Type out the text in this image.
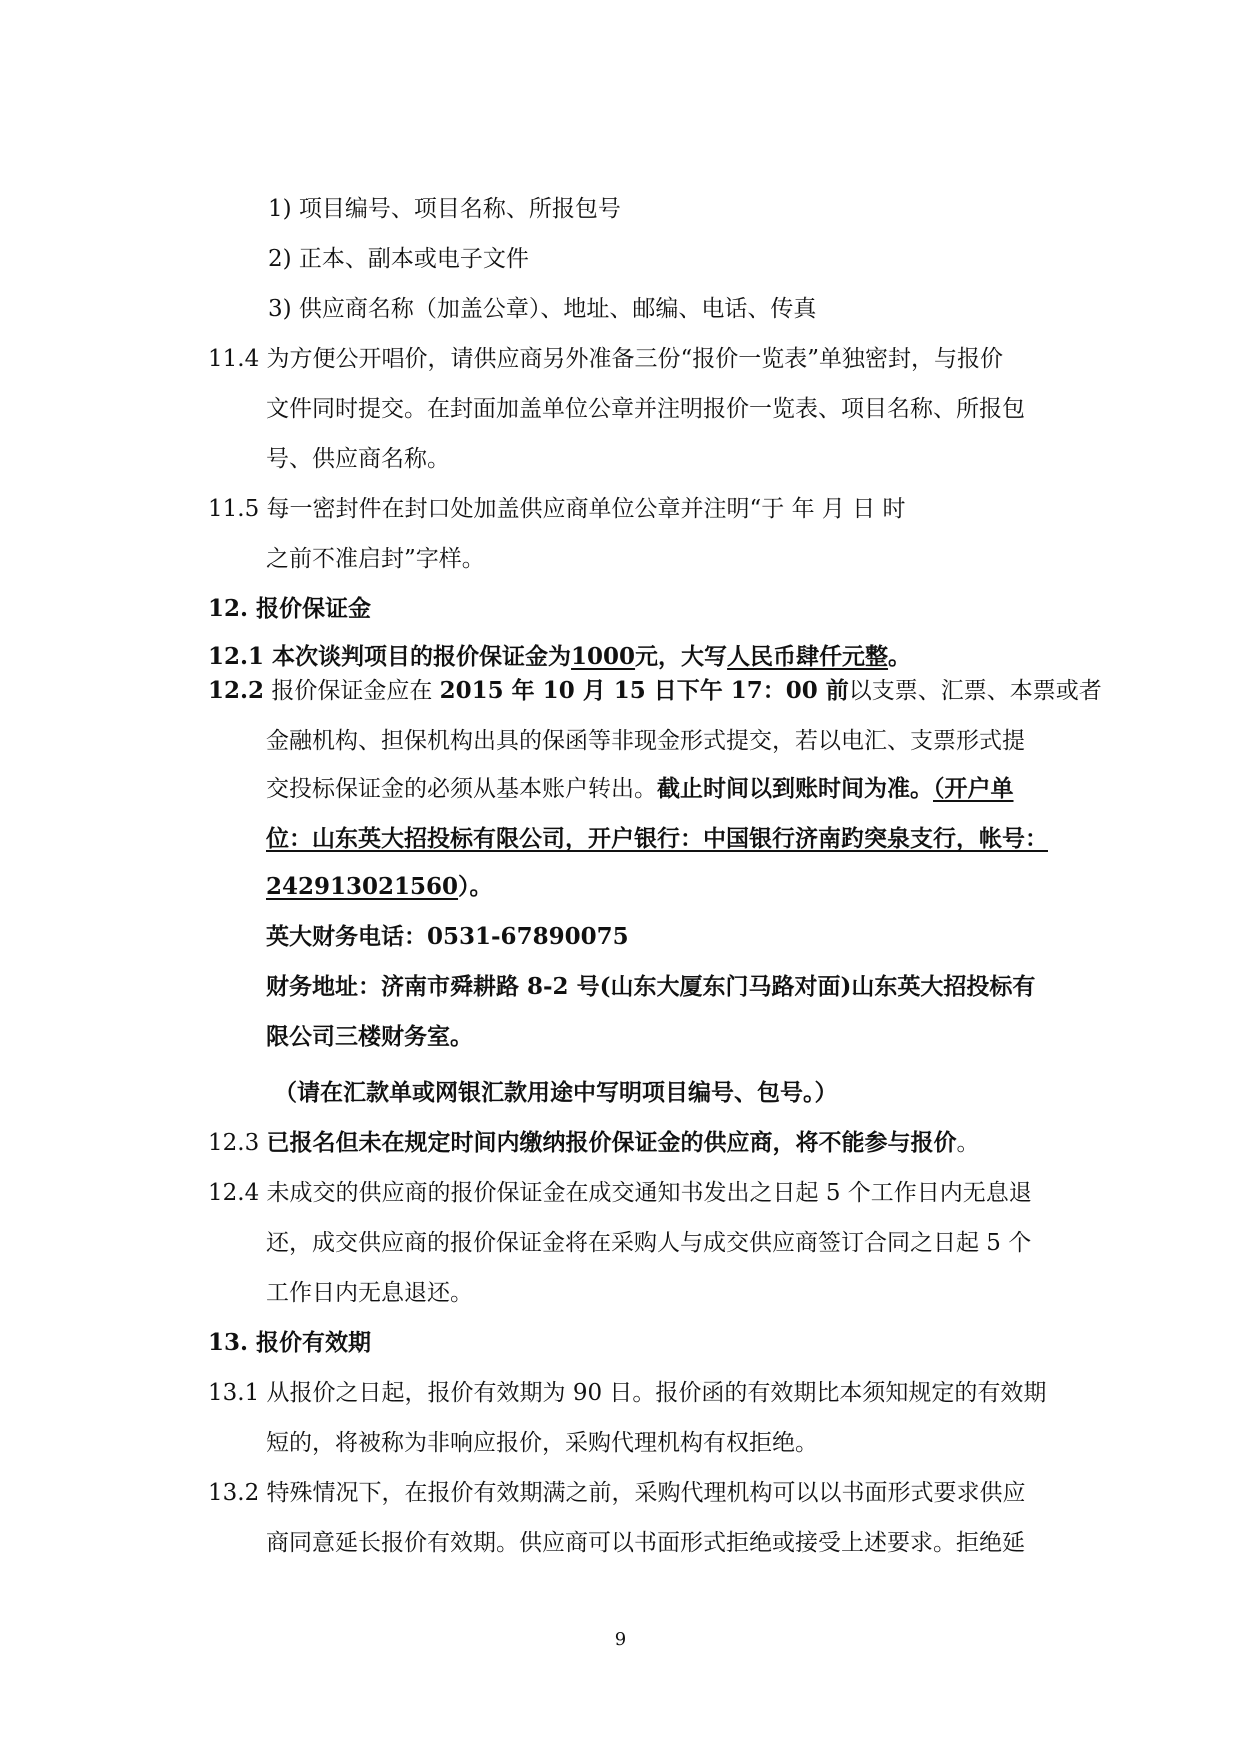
1) 项目编号、项目名称、所报包号
2) 正本、副本或电子文件
3) 供应商名称（加盖公章）、地址、邮编、电话、传真
11.4 为方便公开唱价，请供应商另外准备三份“报价一览表”单独密封，与报价
文件同时提交。在封面加盖单位公章并注明报价一览表、项目名称、所报包
号、供应商名称。
11.5 每一密封件在封口处加盖供应商单位公章并注明“于 年 月 日 时
之前不准启封”字样。
12. 报价保证金
12.1 本次谈判项目的报价保证金为1000元，大写人民币肆仟元整。
12.2 报价保证金应在 2015 年 10 月 15 日下午 17：00 前以支票、汇票、本票或者
金融机构、担保机构出具的保函等非现金形式提交，若以电汇、支票形式提
交投标保证金的必须从基本账户转出。截止时间以到账时间为准。（开户单
位：山东英大招投标有限公司，开户银行：中国银行济南趵突泉支行，帐号：
242913021560）。
英大财务电话：0531-67890075
财务地址：济南市舜耕路 8-2 号(山东大厦东门马路对面)山东英大招投标有
限公司三楼财务室。
（请在汇款单或网银汇款用途中写明项目编号、包号。）
12.3 已报名但未在规定时间内缴纳报价保证金的供应商，将不能参与报价。
12.4 未成交的供应商的报价保证金在成交通知书发出之日起 5 个工作日内无息退
还，成交供应商的报价保证金将在采购人与成交供应商签订合同之日起 5 个
工作日内无息退还。
13. 报价有效期
13.1 从报价之日起，报价有效期为 90 日。报价函的有效期比本须知规定的有效期
短的，将被称为非响应报价，采购代理机构有权拒绝。
13.2 特殊情况下，在报价有效期满之前，采购代理机构可以以书面形式要求供应
商同意延长报价有效期。供应商可以书面形式拒绝或接受上述要求。拒绝延
9
